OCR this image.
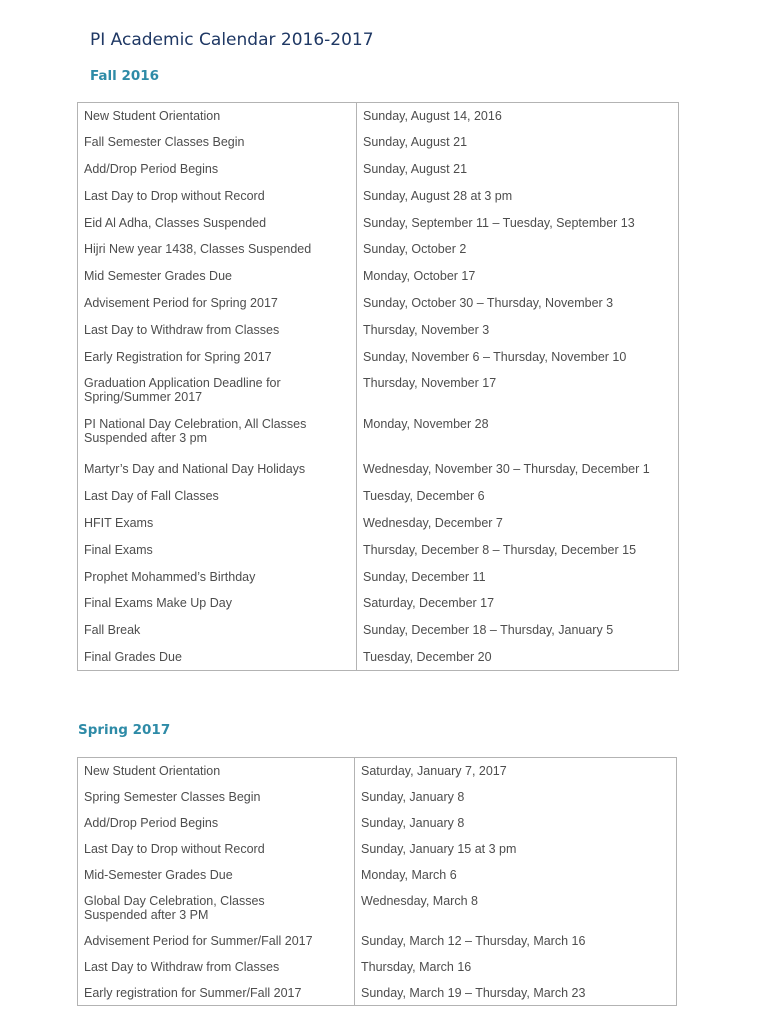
PI Academic Calendar 2016-2017
Fall 2016
New Student Orientation	Sunday, August 14, 2016

Fall Semester Classes Begin	Sunday, August 21

Add/Drop Period Begins	Sunday, August 21

Last Day to Drop without Record	Sunday, August 28 at 3 pm

Eid Al Adha, Classes Suspended	Sunday, September 11 – Tuesday, September 13

Hijri New year 1438, Classes Suspended	Sunday, October 2

Mid Semester Grades Due	Monday, October 17

Advisement Period for Spring 2017	Sunday, October 30 – Thursday, November 3

Last Day to Withdraw from Classes	Thursday, November 3

Early Registration for Spring 2017	Sunday, November 6 – Thursday, November 10

Graduation Application Deadline for
Spring/Summer 2017	Thursday, November 17

PI National Day Celebration, All Classes
Suspended after 3 pm	Monday, November 28

Martyr’s Day and National Day Holidays	Wednesday, November 30 – Thursday, December 1

Last Day of Fall Classes	Tuesday, December 6

HFIT Exams	Wednesday, December 7

Final Exams	Thursday, December 8 – Thursday, December 15

Prophet Mohammed’s Birthday	Sunday, December 11

Final Exams Make Up Day	Saturday, December 17

Fall Break	Sunday, December 18 – Thursday, January 5

Final Grades Due	Tuesday, December 20
Spring 2017
New Student Orientation	Saturday, January 7, 2017

Spring Semester Classes Begin	Sunday, January 8

Add/Drop Period Begins	Sunday, January 8

Last Day to Drop without Record	Sunday, January 15 at 3 pm

Mid-Semester Grades Due	Monday, March 6

Global Day Celebration, Classes
Suspended after 3 PM	Wednesday, March 8

Advisement Period for Summer/Fall 2017	Sunday, March 12 – Thursday, March 16

Last Day to Withdraw from Classes	Thursday, March 16

Early registration for Summer/Fall 2017	Sunday, March 19 – Thursday, March 23
